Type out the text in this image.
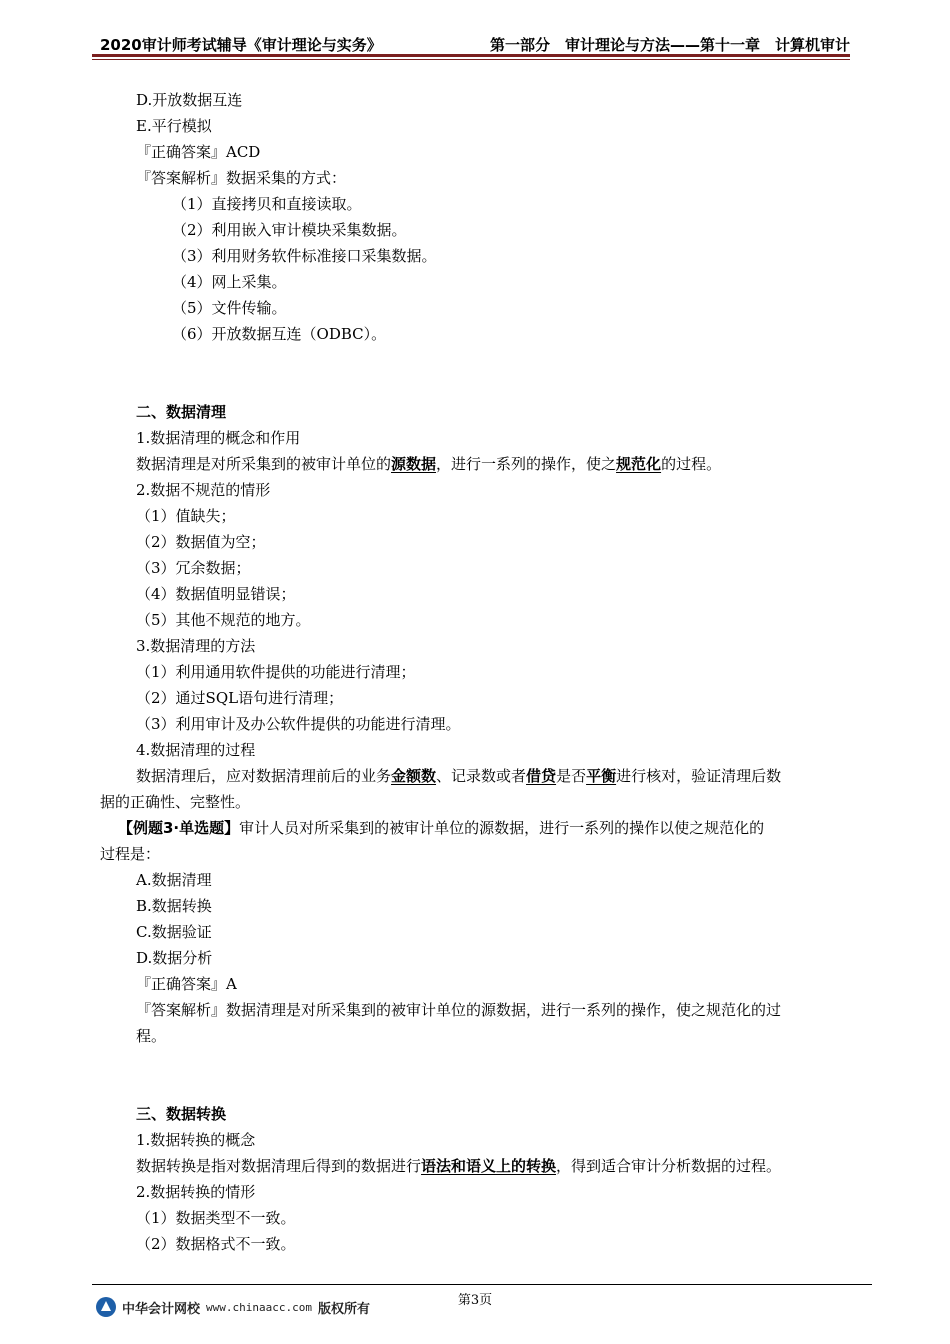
2020审计师考试辅导《审计理论与实务》	第一部分　审计理论与方法——第十一章　计算机审计
D.开放数据互连
E.平行模拟
『正确答案』ACD
『答案解析』数据采集的方式：
（1）直接拷贝和直接读取。
（2）利用嵌入审计模块采集数据。
（3）利用财务软件标准接口采集数据。
（4）网上采集。
（5）文件传输。
（6）开放数据互连（ODBC）。
二、数据清理
1.数据清理的概念和作用
数据清理是对所采集到的被审计单位的源数据，进行一系列的操作，使之规范化的过程。
2.数据不规范的情形
（1）值缺失；
（2）数据值为空；
（3）冗余数据；
（4）数据值明显错误；
（5）其他不规范的地方。
3.数据清理的方法
（1）利用通用软件提供的功能进行清理；
（2）通过SQL语句进行清理；
（3）利用审计及办公软件提供的功能进行清理。
4.数据清理的过程
数据清理后，应对数据清理前后的业务金额数、记录数或者借贷是否平衡进行核对，验证清理后数
据的正确性、完整性。
【例题3·单选题】审计人员对所采集到的被审计单位的源数据，进行一系列的操作以使之规范化的
过程是：
A.数据清理
B.数据转换
C.数据验证
D.数据分析
『正确答案』A
『答案解析』数据清理是对所采集到的被审计单位的源数据，进行一系列的操作，使之规范化的过
程。
三、数据转换
1.数据转换的概念
数据转换是指对数据清理后得到的数据进行语法和语义上的转换，得到适合审计分析数据的过程。
2.数据转换的情形
（1）数据类型不一致。
（2）数据格式不一致。
第3页
中华会计网校 www.chinaacc.com 版权所有
